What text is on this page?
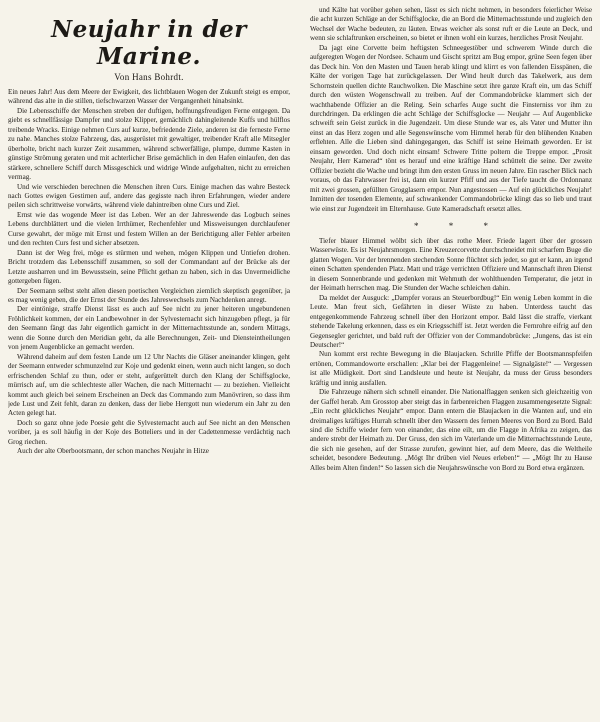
Neujahr in der Marine.
Von Hans Bohrdt.

Ein neues Jahr! Aus dem Meere der Ewigkeit, des lichtblauen Wogen der Zukunft steigt es empor, während das alte in die stillen, tiefschwarzen Wasser der Vergangenheit hinabsinkt.

Die Lebensschiffe der Menschen streben der duftigen, hoffnungsfreudigen Ferne entgegen. Da giebt es schnellfässige Dampfer und stolze Klipper, gemächlich dahingleitende Kuffs und hülflos treibende Wracks. Einige nehmen Curs auf kurze, befriedende Ziele, anderen ist die ferneste Ferne zu nahe. Manches stolze Fahrzeug, das, ausgerüstet mit gewaltiger, treibender Kraft alle Mitsegler überholte, bricht nach kurzer Zeit zusammen, während schwerfällige, plumpe, dumme Kasten in günstige Strömung geraten und mit achterlicher Brise gemächlich in den Hafen einlaufen, den das stärkere, schnellere Schiff durch Missgeschick und widrige Winde aufgehalten, nicht zu erreichen vermag.

Und wie verschieden berechnen die Menschen ihren Curs. Einige machen das wahre Besteck nach Gottes ewigen Gestirnen auf, andere das gegisste nach ihren Erfahrungen, wieder andere peilen sich schrittweise vorwärts, während viele dahintreiben ohne Curs und Ziel.

Ernst wie das wogende Meer ist das Leben. Wer an der Jahreswende das Logbuch seines Lebens durchblättert und die vielen Irrthümer, Rechenfehler und Missweisungen durchlaufener Curse gewahrt, der möge mit Ernst und festem Willen an der Berichtigung aller Fehler arbeiten und den rechten Curs fest und sicher absetzen.

Dann ist der Weg frei, möge es stürmen und wehen, mögen Klippen und Untiefen drohen. Bricht trotzdem das Lebensschiff zusammen, so soll der Commandant auf der Brücke als der Letzte ausharren und im Bewusstsein, seine Pflicht gethan zu haben, sich in das Unvermeidliche gottergeben fügen.

Der Seemann selbst steht allen diesen poetischen Vergleichen ziemlich skeptisch gegenüber, ja es mag wenig geben, die der Ernst der Stunde des Jahreswechsels zum Nachdenken anregt.

Der eintönige, straffe Dienst lässt es auch auf See nicht zu jener heiteren ungebundenen Fröhlichkeit kommen, der ein Landbewohner in der Sylvesternacht sich hinzugeben pflegt, ja für den Seemann fängt das Jahr eigentlich garnicht in der Mitternachtsstunde an, sondern Mittags, wenn die Sonne durch den Meridian geht, da alle Berechnungen, Zeit- und Diensteintheilungen von jenem Augenblicke an gemacht werden.

Während daheim auf dem festen Lande um 12 Uhr Nachts die Gläser aneinander klingen, geht der Seemann entweder schmunzelnd zur Koje und gedenkt einen, wenn auch nicht langen, so doch erfrischenden Schlaf zu thun, oder er steht, aufgerüttelt durch den Klang der Schiffsglocke, mürrisch auf, um die schlechteste aller Wachen, die nach Mitternacht — zu beziehen. Vielleicht kommt auch gleich bei seinem Erscheinen an Deck das Commando zum Manövriren, so dass ihm jede Lust und Zeit fehlt, daran zu denken, dass der liebe Herrgott nun wiederum ein Jahr zu den Acten gelegt hat.

Doch so ganz ohne jede Poesie geht die Sylvesternacht auch auf See nicht an den Menschen vorüber, ja es soll häufig in der Koje des Botteliers und in der Cadettenmesse verdächtig nach Grog riechen.

Auch der alte Oberbootsmann, der schon manches Neujahr in Hitze

und Kälte hat vorüber gehen sehen, lässt es sich nicht nehmen, in besonders feierlicher Weise die acht kurzen Schläge an der Schiffsglocke, die an Bord die Mitternachtsstunde und zugleich den Wechsel der Wache bedeuten, zu läuten. Etwas weicher als sonst ruft er die Leute an Deck, und wenn sie schlaftrunken erscheinen, so bietet er ihnen wohl ein kurzes, herzliches Prosit Neujahr.

Da jagt eine Corvette beim heftigsten Schneegestöber und schwerem Winde durch die aufgeregten Wogen der Nordsee. Schaum und Gischt spritzt am Bug empor, grüne Seen fegen über das Deck hin. Von den Masten und Tauen herab klingt und klirrt es von fallenden Eisspänen, die Kälte der vorigen Tage hat zurückgelassen. Der Wind heult durch das Takelwerk, aus dem Schornstein quellen dichte Rauchwolken. Die Maschine setzt ihre ganze Kraft ein, um das Schiff durch den wüsten Wogenschwall zu treiben. Auf der Commandobrücke klammert sich der wachthabende Offizier an die Reling. Sein scharfes Auge sucht die Finsterniss vor ihm zu durchdringen. Da erklingen die acht Schläge der Schiffsglocke — Neujahr — Auf Augenblicke schweift sein Geist zurück in die Jugendzeit. Um diese Stunde war es, als Vater und Mutter ihn einst an das Herz zogen und alle Segenswünsche vom Himmel herab für den blühenden Knaben erflehten. Alle die Lieben sind dahingegangen, das Schiff ist seine Heimath geworden. Er ist einsam geworden. Und doch nicht einsam! Schwere Tritte poltern die Treppe empor. „Prosit Neujahr, Herr Kamerad“ tönt es herauf und eine kräftige Hand schüttelt die seine. Der zweite Offizier bezieht die Wache und bringt ihm den ersten Gruss im neuen Jahre. Ein rascher Blick nach voraus, ob das Fahrwasser frei ist, dann ein kurzer Pfiff und aus der Tiefe taucht die Ordonnanz mit zwei grossen, gefüllten Grogglasern empor. Nun angestossen — Auf ein glückliches Neujahr! Inmitten der tosenden Elemente, auf schwankender Commandobrücke klingt das so lieb und traut wie einst zur Jugendzeit im Elternhause. Gute Kameradschaft ersetzt alles.

* * *

Tiefer blauer Himmel wölbt sich über das rothe Meer. Friede lagert über der grossen Wasserwüste. Es ist Neujahrsmorgen. Eine Kreuzercorvette durchschneidet mit scharfem Buge die glatten Wogen. Vor der brennenden stechenden Sonne flüchtet sich jeder, so gut er kann, an irgend einen Schatten spendenden Platz. Matt und träge verrichten Offiziere und Mannschaft ihren Dienst in diesem Sonnenbrande und gedenken mit Wehmuth der wohlthuenden Temperatur, die jetzt in der Heimath herrschen mag. Die Stunden der Wache schleichen dahin.

Da meldet der Ausguck: „Dampfer voraus an Steuerbordbug!“ Ein wenig Leben kommt in die Leute. Man freut sich, Gefährten in dieser Wüste zu haben. Unterdess taucht das entgegenkommende Fahrzeug schnell über den Horizont empor. Bald lässt die straffe, vierkant stehende Takelung erkennen, dass es ein Kriegsschiff ist. Jetzt werden die Fernrohre eifrig auf den Gegensegler gerichtet, und bald ruft der Offizier von der Commandobrücke: „Jungens, das ist ein Deutscher!“

Nun kommt erst rechte Bewegung in die Blaujacken. Schrille Pfiffe der Bootsmannspfeifen ertönen, Commandoworte erschallen: „Klar bei der Flaggenleine! — Signalgäste!“ — Vergessen ist alle Müdigkeit. Dort sind Landsleute und heute ist Neujahr, da muss der Gruss besonders kräftig und innig ausfallen.

Die Fahrzeuge nähern sich schnell einander. Die Nationalflaggen senken sich gleichzeitig von der Gaffel herab. Am Grosstop aber steigt das in farbenreichen Flaggen zusammengesetzte Signal: „Ein recht glückliches Neujahr“ empor. Dann entern die Blaujacken in die Wanten auf, und ein dreimaliges kräftiges Hurrah schnellt über den Wassern des fernen Meeres von Bord zu Bord. Bald sind die Schiffe wieder fern von einander, das eine eilt, um die Flagge in Afrika zu zeigen, das andere strebt der Heimath zu. Der Gruss, den sich im Vaterlande um die Mitternachtsstunde Leute, die sich nie gesehen, auf der Strasse zurufen, gewinnt hier, auf dem Meere, das die Weltheile scheidet, besondere Bedeutung. „Mögt Ihr drüben viel Neues erleben!“ — „Mögt Ihr zu Hause Alles beim Alten finden!“ So lassen sich die Neujahrswünsche von Bord zu Bord etwa ergänzen.
